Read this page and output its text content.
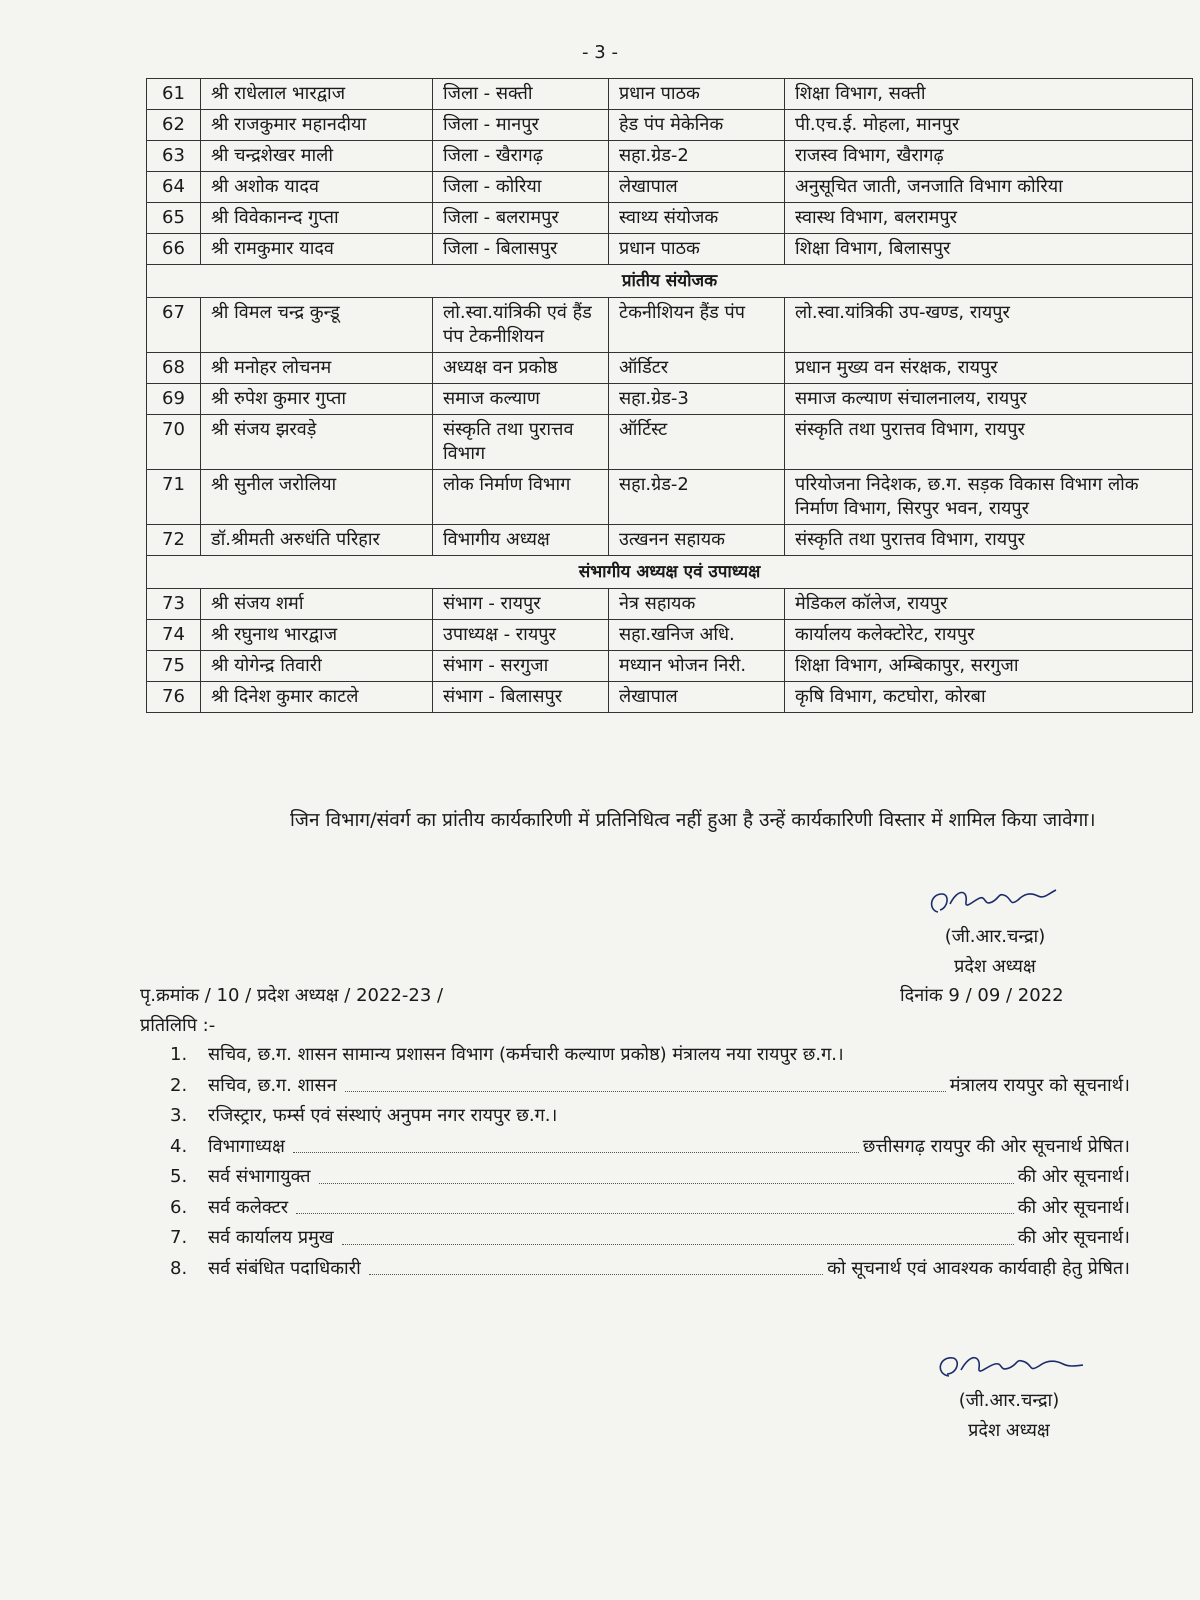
- 3 -
61	श्री राधेलाल भारद्वाज	जिला - सक्ती	प्रधान पाठक	शिक्षा विभाग, सक्ती
62	श्री राजकुमार महानदीया	जिला - मानपुर	हेड पंप मेकेनिक	पी.एच.ई. मोहला, मानपुर
63	श्री चन्द्रशेखर माली	जिला - खैरागढ़	सहा.ग्रेड-2	राजस्व विभाग, खैरागढ़
64	श्री अशोक यादव	जिला - कोरिया	लेखापाल	अनुसूचित जाती, जनजाति विभाग कोरिया
65	श्री विवेकानन्द गुप्ता	जिला - बलरामपुर	स्वाथ्य संयोजक	स्वास्थ विभाग, बलरामपुर
66	श्री रामकुमार यादव	जिला - बिलासपुर	प्रधान पाठक	शिक्षा विभाग, बिलासपुर
प्रांतीय संयोजक				
67	श्री विमल चन्द्र कुन्डू	लो.स्वा.यांत्रिकी एवं हैंड पंप टेकनीशियन	टेकनीशियन हैंड पंप	लो.स्वा.यांत्रिकी उप-खण्ड, रायपुर
68	श्री मनोहर लोचनम	अध्यक्ष वन प्रकोष्ठ	ऑर्डिटर	प्रधान मुख्य वन संरक्षक, रायपुर
69	श्री रुपेश कुमार गुप्ता	समाज कल्याण	सहा.ग्रेड-3	समाज कल्याण संचालनालय, रायपुर
70	श्री संजय झरवड़े	संस्कृति तथा पुरात्तव विभाग	ऑर्टिस्ट	संस्कृति तथा पुरात्तव विभाग, रायपुर
71	श्री सुनील जरोलिया	लोक निर्माण विभाग	सहा.ग्रेड-2	परियोजना निदेशक, छ.ग. सड़क विकास विभाग लोक निर्माण विभाग, सिरपुर भवन, रायपुर
72	डॉ.श्रीमती अरुधंति परिहार	विभागीय अध्यक्ष	उत्खनन सहायक	संस्कृति तथा पुरात्तव विभाग, रायपुर
संभागीय अध्यक्ष एवं उपाध्यक्ष				
73	श्री संजय शर्मा	संभाग - रायपुर	नेत्र सहायक	मेडिकल कॉलेज, रायपुर
74	श्री रघुनाथ भारद्वाज	उपाध्यक्ष - रायपुर	सहा.खनिज अधि.	कार्यालय कलेक्टोरेट, रायपुर
75	श्री योगेन्द्र तिवारी	संभाग - सरगुजा	मध्यान भोजन निरी.	शिक्षा विभाग, अम्बिकापुर, सरगुजा
76	श्री दिनेश कुमार काटले	संभाग - बिलासपुर	लेखापाल	कृषि विभाग, कटघोरा, कोरबा
जिन विभाग/संवर्ग का प्रांतीय कार्यकारिणी में प्रतिनिधित्व नहीं हुआ है उन्हें कार्यकारिणी विस्तार में शामिल किया जावेगा।
(जी.आर.चन्द्रा)
प्रदेश अध्यक्ष
पृ.क्रमांक / 10 / प्रदेश अध्यक्ष / 2022-23 /	दिनांक 9 / 09 / 2022
प्रतिलिपि :-
1.	सचिव, छ.ग. शासन सामान्य प्रशासन विभाग (कर्मचारी कल्याण प्रकोष्ठ) मंत्रालय नया रायपुर छ.ग.।
2.	सचिव, छ.ग. शासन	मंत्रालय रायपुर को सूचनार्थ।
3.	रजिस्ट्रार, फर्म्स एवं संस्थाएं अनुपम नगर रायपुर छ.ग.।
4.	विभागाध्यक्ष	छत्तीसगढ़ रायपुर की ओर सूचनार्थ प्रेषित।
5.	सर्व संभागायुक्त	की ओर सूचनार्थ।
6.	सर्व कलेक्टर	की ओर सूचनार्थ।
7.	सर्व कार्यालय प्रमुख	की ओर सूचनार्थ।
8.	सर्व संबंधित पदाधिकारी	को सूचनार्थ एवं आवश्यक कार्यवाही हेतु प्रेषित।
(जी.आर.चन्द्रा)
प्रदेश अध्यक्ष
